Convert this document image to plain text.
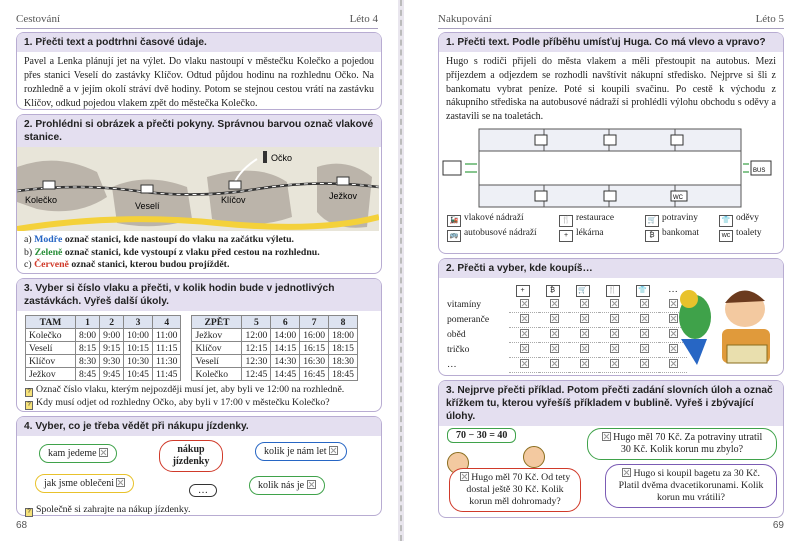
Cestování	Léto 4
1. Přečti text a podtrhni časové údaje.
Pavel a Lenka plánují jet na výlet. Do vlaku nastoupí v městečku Kolečko a pojedou přes stanici Veselí do zastávky Klíčov. Odtud půjdou hodinu na rozhlednu Očko. Na rozhledně a v jejím okolí stráví dvě hodiny. Potom se stejnou cestou vrátí na zastávku Klíčov, odkud pojedou vlakem zpět do městečka Kolečko.
2. Prohlédni si obrázek a přečti pokyny. Správnou barvou označ vlakové stanice.
Kolečko
Veselí
Klíčov	Ježkov
Očko
a) Modře označ stanici, kde nastoupí do vlaku na začátku výletu.
b) Zeleně označ stanici, kde vystoupí z vlaku před cestou na rozhlednu.
c) Červeně označ stanici, kterou budou projíždět.
3. Vyber si číslo vlaku a přečti, v kolik hodin bude v jednotlivých zastávkách. Vyřeš další úkoly.
TAM	1	2	3	4
Kolečko	8:00	9:00	10:00	11:00
Veselí	8:15	9:15	10:15	11:15
Klíčov	8:30	9:30	10:30	11:30
Ježkov	8:45	9:45	10:45	11:45
ZPĚT	5	6	7	8
Ježkov	12:00	14:00	16:00	18:00
Klíčov	12:15	14:15	16:15	18:15
Veselí	12:30	14:30	16:30	18:30
Kolečko	12:45	14:45	16:45	18:45
? Označ číslo vlaku, kterým nejpozději musí jet, aby byli ve 12:00 na rozhledně.
? Kdy musí odjet od rozhledny Očko, aby byli v 17:00 v městečku Kolečko?
4. Vyber, co je třeba vědět při nákupu jízdenky.
kam jedeme	nákup jízdenky
kolik je nám let
jak jsme oblečeni	kolik nás je
…
? Společně si zahrajte na nákup jízdenky.
68
Nakupování	Léto 5
1. Přečti text. Podle příběhu umísťuj Huga. Co má vlevo a vpravo?
Hugo s rodiči přijeli do města vlakem a měli přestoupit na autobus. Mezi příjezdem a odjezdem se rozhodli navštívit nákupní středisko. Nejprve si šli z bankomatu vybrat peníze. Poté si koupili svačinu. Po cestě k východu z nákupního střediska na autobusové nádraží si prohlédli výlohu obchodu s oděvy a zastavili se na toaletách.
WC
BUS
🚂 vlakové nádraží	🍴 restaurace	🛒 potraviny	👕 oděvy
🚌 autobusové nádraží	+ lékárna	₿ bankomat	wc toalety
2. Přečti a vyber, kde koupíš…
	+	₿	🛒	🍴	👕	…
vitamíny						
pomeranče						
oběd						
tričko						
…						
3. Nejprve přečti příklad. Potom přečti zadání slovních úloh a označ křížkem tu, kterou vyřešíš příkladem v bublině. Vyřeš i zbývající úlohy.
70 − 30 = 40	Hugo měl 70 Kč. Za potraviny utratil 30 Kč. Kolik korun mu zbylo?
Hugo měl 70 Kč. Od tety dostal ještě 30 Kč. Kolik korun měl dohromady?
Hugo si koupil bagetu za 30 Kč. Platil dvěma dvacetikorunami. Kolik korun mu vrátili?
69
